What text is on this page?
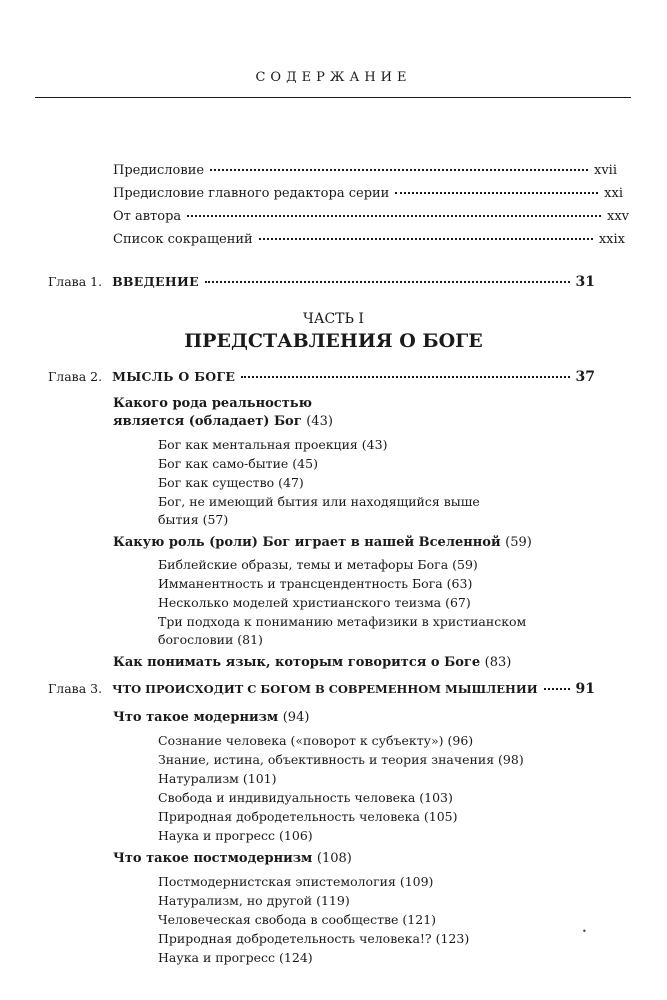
СОДЕРЖАНИЕ
Предисловие	xvii
Предисловие главного редактора серии	xxi
От автора	xxv
Список сокращений	xxix
Глава 1. ВВЕДЕНИЕ	31
ЧАСТЬ I
ПРЕДСТАВЛЕНИЯ О БОГЕ
Глава 2. МЫСЛЬ О БОГЕ	37
Какого рода реальностью
является (обладает) Бог (43)
Бог как ментальная проекция (43)
Бог как само-бытие (45)
Бог как существо (47)
Бог, не имеющий бытия или находящийся выше
бытия (57)
Какую роль (роли) Бог играет в нашей Вселенной (59)
Библейские образы, темы и метафоры Бога (59)
Имманентность и трансцендентность Бога (63)
Несколько моделей христианского теизма (67)
Три подхода к пониманию метафизики в христианском
богословии (81)
Как понимать язык, которым говорится о Боге (83)
Глава 3. ЧТО ПРОИСХОДИТ С БОГОМ В СОВРЕМЕННОМ МЫШЛЕНИИ	91
Что такое модернизм (94)
Сознание человека («поворот к субъекту») (96)
Знание, истина, объективность и теория значения (98)
Натурализм (101)
Свобода и индивидуальность человека (103)
Природная добродетельность человека (105)
Наука и прогресс (106)
Что такое постмодернизм (108)
Постмодернистская эпистемология (109)
Натурализм, но другой (119)
Человеческая свобода в сообществе (121)
Природная добродетельность человека!? (123)
Наука и прогресс (124)
•
